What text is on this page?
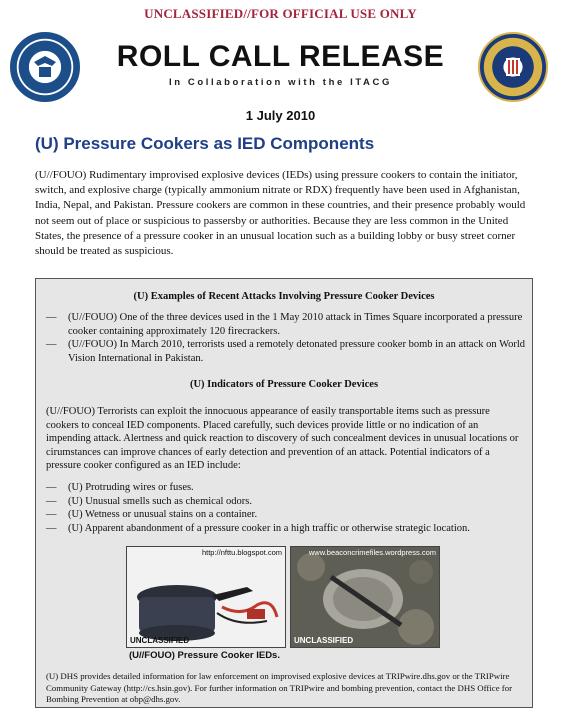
UNCLASSIFIED//FOR OFFICIAL USE ONLY
ROLL CALL RELEASE
In Collaboration with the ITACG
1 July 2010
(U) Pressure Cookers as IED Components
(U//FOUO) Rudimentary improvised explosive devices (IEDs) using pressure cookers to contain the initiator, switch, and explosive charge (typically ammonium nitrate or RDX) frequently have been used in Afghanistan, India, Nepal, and Pakistan. Pressure cookers are common in these countries, and their presence probably would not seem out of place or suspicious to passersby or authorities. Because they are less common in the United States, the presence of a pressure cooker in an unusual location such as a building lobby or busy street corner should be treated as suspicious.
(U) Examples of Recent Attacks Involving Pressure Cooker Devices
— (U//FOUO) One of the three devices used in the 1 May 2010 attack in Times Square incorporated a pressure cooker containing approximately 120 firecrackers.
— (U//FOUO) In March 2010, terrorists used a remotely detonated pressure cooker bomb in an attack on World Vision International in Pakistan.
(U) Indicators of Pressure Cooker Devices
(U//FOUO) Terrorists can exploit the innocuous appearance of easily transportable items such as pressure cookers to conceal IED components. Placed carefully, such devices provide little or no indication of an impending attack. Alertness and quick reaction to discovery of such concealment devices in unusual locations or cirumstances can improve chances of early detection and prevention of an attack. Potential indicators of a pressure cooker configured as an IED include:
— (U) Protruding wires or fuses.
— (U) Unusual smells such as chemical odors.
— (U) Wetness or unusual stains on a container.
— (U) Apparent abandonment of a pressure cooker in a high traffic or otherwise strategic location.
http://nfttu.blogspot.com
UNCLASSIFIED
www.beaconcrimefiles.wordpress.com
UNCLASSIFIED
(U//FOUO) Pressure Cooker IEDs.
(U) DHS provides detailed information for law enforcement on improvised explosive devices at TRIPwire.dhs.gov or the TRIPwire Community Gateway (http://cs.hsin.gov). For further information on TRIPwire and bombing prevention, contact the DHS Office for Bombing Prevention at obp@dhs.gov.
